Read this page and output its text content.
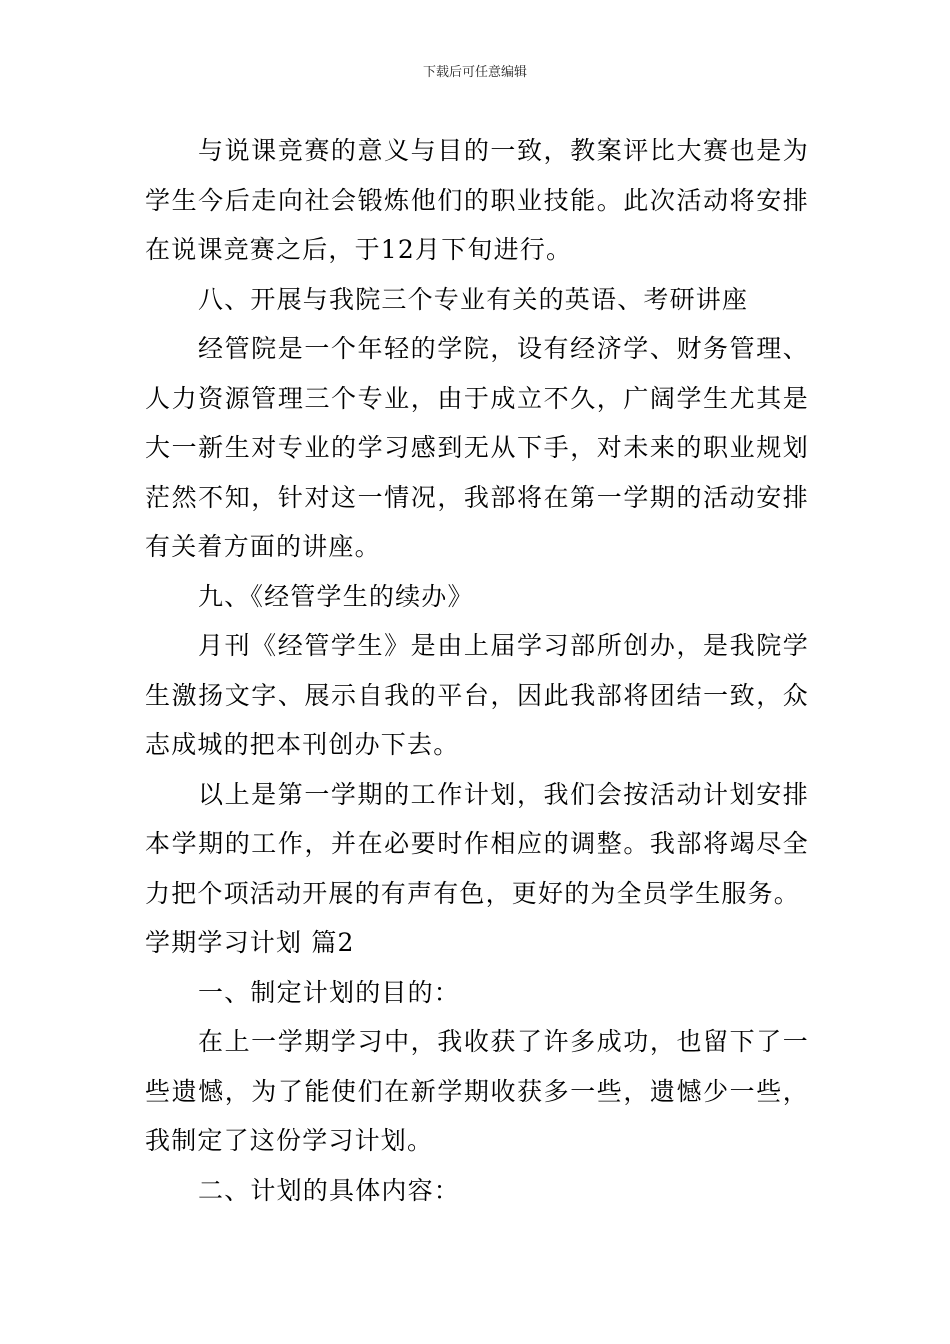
下载后可任意编辑

与说课竞赛的意义与目的一致，教案评比大赛也是为学生今后走向社会锻炼他们的职业技能。此次活动将安排在说课竞赛之后，于12月下旬进行。

八、开展与我院三个专业有关的英语、考研讲座

经管院是一个年轻的学院，设有经济学、财务管理、人力资源管理三个专业，由于成立不久，广阔学生尤其是大一新生对专业的学习感到无从下手，对未来的职业规划茫然不知，针对这一情况，我部将在第一学期的活动安排有关着方面的讲座。

九、《经管学生的续办》

月刊《经管学生》是由上届学习部所创办，是我院学生激扬文字、展示自我的平台，因此我部将团结一致，众志成城的把本刊创办下去。

以上是第一学期的工作计划，我们会按活动计划安排本学期的工作，并在必要时作相应的调整。我部将竭尽全力把个项活动开展的有声有色，更好的为全员学生服务。

学期学习计划 篇2

一、制定计划的目的：

在上一学期学习中，我收获了许多成功，也留下了一些遗憾，为了能使们在新学期收获多一些，遗憾少一些，我制定了这份学习计划。

二、计划的具体内容：
